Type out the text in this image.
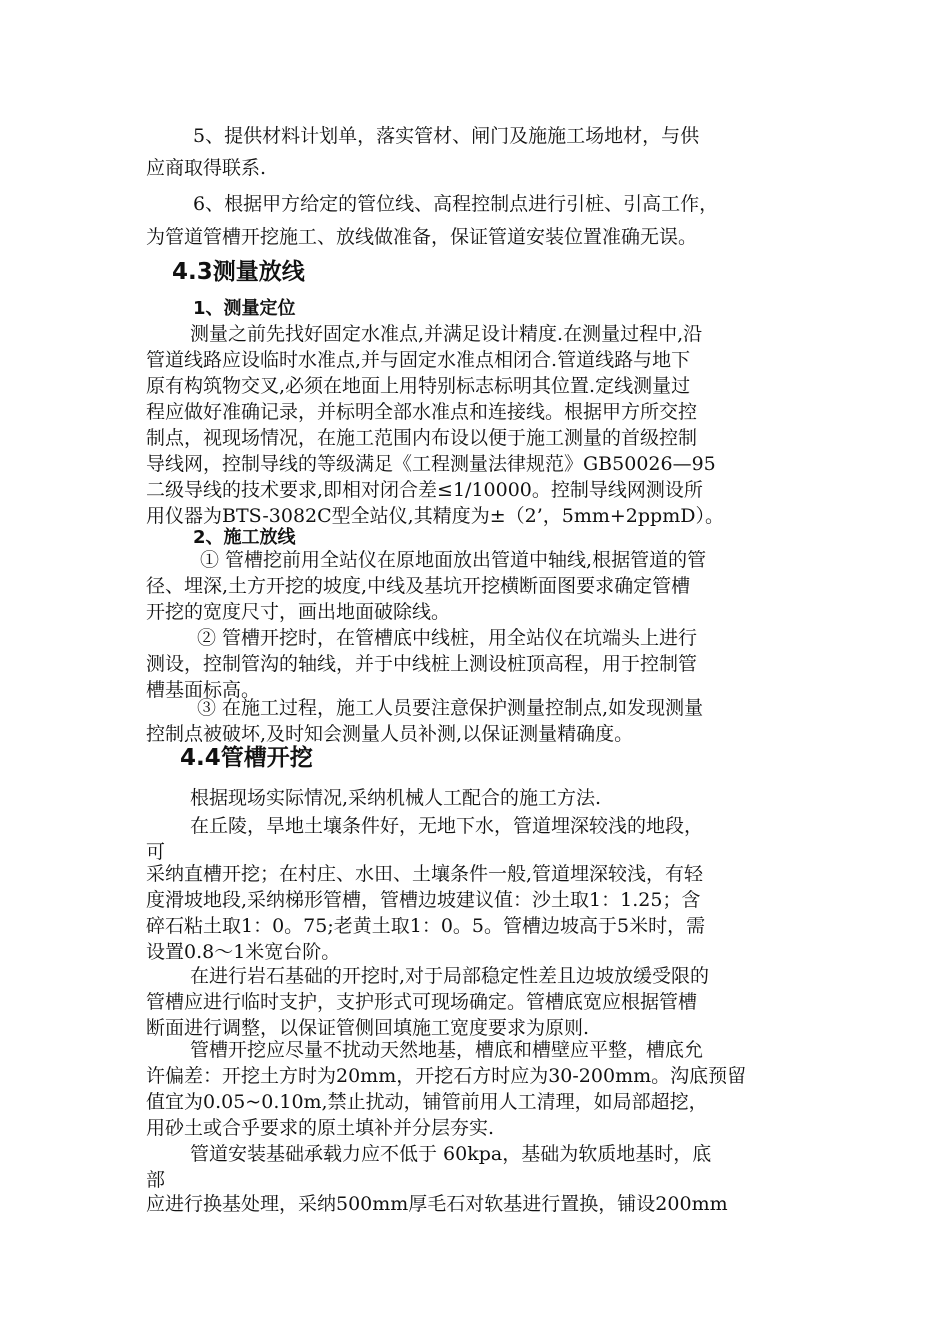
5、提供材料计划单，落实管材、闸门及施施工场地材，与供
应商取得联系.
6、根据甲方给定的管位线、高程控制点进行引桩、引高工作，
为管道管槽开挖施工、放线做准备，保证管道安装位置准确无误。
4.3测量放线
1、测量定位
测量之前先找好固定水准点,并满足设计精度.在测量过程中,沿
管道线路应设临时水准点,并与固定水准点相闭合.管道线路与地下
原有构筑物交叉,必须在地面上用特别标志标明其位置.定线测量过
程应做好准确记录，并标明全部水准点和连接线。根据甲方所交控
制点，视现场情况，在施工范围内布设以便于施工测量的首级控制
导线网，控制导线的等级满足《工程测量法律规范》GB50026—95
二级导线的技术要求,即相对闭合差≤1/10000。控制导线网测设所
用仪器为BTS-3082C型全站仪,其精度为±（2’，5mm+2ppmD）。
2、施工放线
① 管槽挖前用全站仪在原地面放出管道中轴线,根据管道的管
径、埋深,土方开挖的坡度,中线及基坑开挖横断面图要求确定管槽
开挖的宽度尺寸，画出地面破除线。
② 管槽开挖时，在管槽底中线桩，用全站仪在坑端头上进行
测设，控制管沟的轴线，并于中线桩上测设桩顶高程，用于控制管
槽基面标高。
③ 在施工过程，施工人员要注意保护测量控制点,如发现测量
控制点被破坏,及时知会测量人员补测,以保证测量精确度。
4.4管槽开挖
根据现场实际情况,采纳机械人工配合的施工方法.
在丘陵，旱地土壤条件好，无地下水，管道埋深较浅的地段，
可
采纳直槽开挖；在村庄、水田、土壤条件一般,管道埋深较浅，有轻
度滑坡地段,采纳梯形管槽，管槽边坡建议值：沙土取1：1.25；含
碎石粘土取1：0。75;老黄土取1：0。5。管槽边坡高于5米时，需
设置0.8～1米宽台阶。
在进行岩石基础的开挖时,对于局部稳定性差且边坡放缓受限的
管槽应进行临时支护，支护形式可现场确定。管槽底宽应根据管槽
断面进行调整，以保证管侧回填施工宽度要求为原则.
管槽开挖应尽量不扰动天然地基，槽底和槽壁应平整，槽底允
许偏差：开挖土方时为20mm，开挖石方时应为30-200mm。沟底预留
值宜为0.05~0.10m,禁止扰动，铺管前用人工清理，如局部超挖，
用砂土或合乎要求的原土填补并分层夯实.
管道安装基础承载力应不低于 60kpa，基础为软质地基时，底
部
应进行换基处理，采纳500mm厚毛石对软基进行置换，铺设200mm
